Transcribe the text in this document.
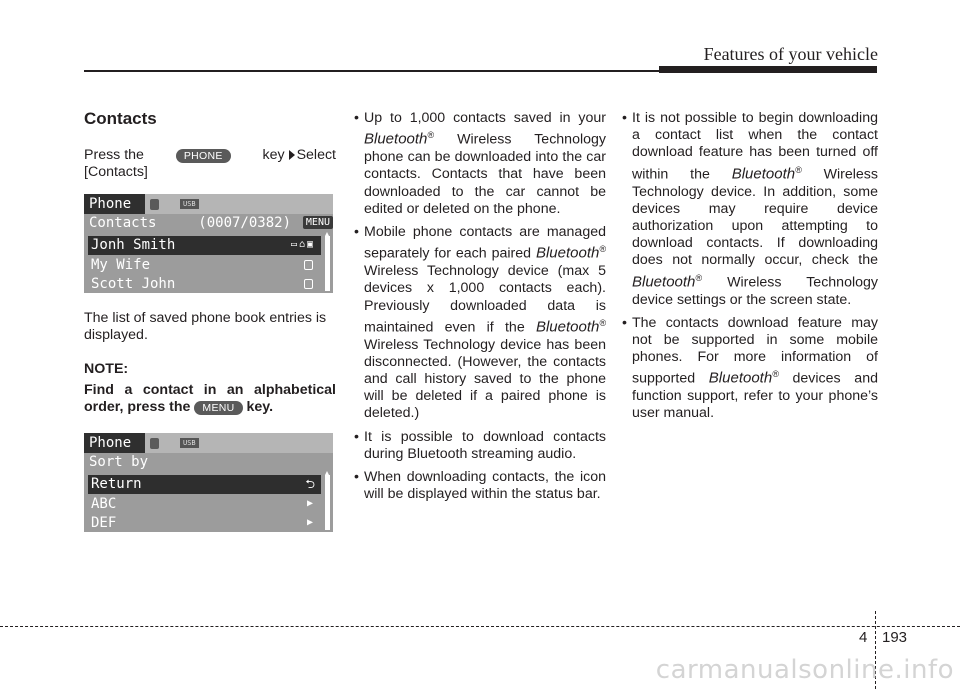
Features of your vehicle
Contacts
Press the	PHONE	key Select
[Contacts]
Phone	USB
Contacts	(0007/0382)	MENU
Jonh Smith	▭⌂▣
My Wife
Scott John
The list of saved phone book entries is displayed.
NOTE:
Find a contact in an alphabetical order, press the MENU key.
Phone	USB
Sort by
Return	⮌
ABC	▶
DEF	▶
• Up to 1,000 contacts saved in your Bluetooth® Wireless Technology phone can be downloaded into the car contacts. Contacts that have been downloaded to the car cannot be edited or deleted on the phone.
• Mobile phone contacts are managed separately for each paired Bluetooth® Wireless Technology device (max 5 devices x 1,000 contacts each). Previously downloaded data is maintained even if the Bluetooth® Wireless Technology device has been disconnected. (However, the contacts and call history saved to the phone will be deleted if a paired phone is deleted.)
• It is possible to download contacts during Bluetooth streaming audio.
• When downloading contacts, the icon will be displayed within the status bar.
• It is not possible to begin downloading a contact list when the contact download feature has been turned off within the Bluetooth® Wireless Technology device. In addition, some devices may require device authorization upon attempting to download contacts. If downloading does not normally occur, check the Bluetooth® Wireless Technology device settings or the screen state.
• The contacts download feature may not be supported in some mobile phones. For more information of supported Bluetooth® devices and function support, refer to your phone’s user manual.
4 193
carmanualsonline.info
